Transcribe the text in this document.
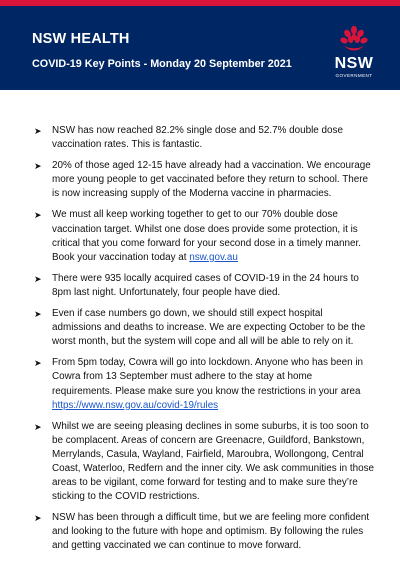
NSW HEALTH
COVID-19 Key Points - Monday 20 September 2021	NSW
GOVERNMENT
➤ NSW has now reached 82.2% single dose and 52.7% double dose vaccination rates. This is fantastic.
➤ 20% of those aged 12-15 have already had a vaccination. We encourage more young people to get vaccinated before they return to school. There is now increasing supply of the Moderna vaccine in pharmacies.
➤ We must all keep working together to get to our 70% double dose vaccination target. Whilst one dose does provide some protection, it is critical that you come forward for your second dose in a timely manner. Book your vaccination today at nsw.gov.au
➤ There were 935 locally acquired cases of COVID-19 in the 24 hours to 8pm last night. Unfortunately, four people have died.
➤ Even if case numbers go down, we should still expect hospital admissions and deaths to increase. We are expecting October to be the worst month, but the system will cope and all will be able to rely on it.
➤ From 5pm today, Cowra will go into lockdown. Anyone who has been in Cowra from 13 September must adhere to the stay at home requirements. Please make sure you know the restrictions in your area https://www.nsw.gov.au/covid-19/rules
➤ Whilst we are seeing pleasing declines in some suburbs, it is too soon to be complacent. Areas of concern are Greenacre, Guildford, Bankstown, Merrylands, Casula, Wayland, Fairfield, Maroubra, Wollongong, Central Coast, Waterloo, Redfern and the inner city. We ask communities in those areas to be vigilant, come forward for testing and to make sure they’re sticking to the COVID restrictions.
➤ NSW has been through a difficult time, but we are feeling more confident and looking to the future with hope and optimism. By following the rules and getting vaccinated we can continue to move forward.
